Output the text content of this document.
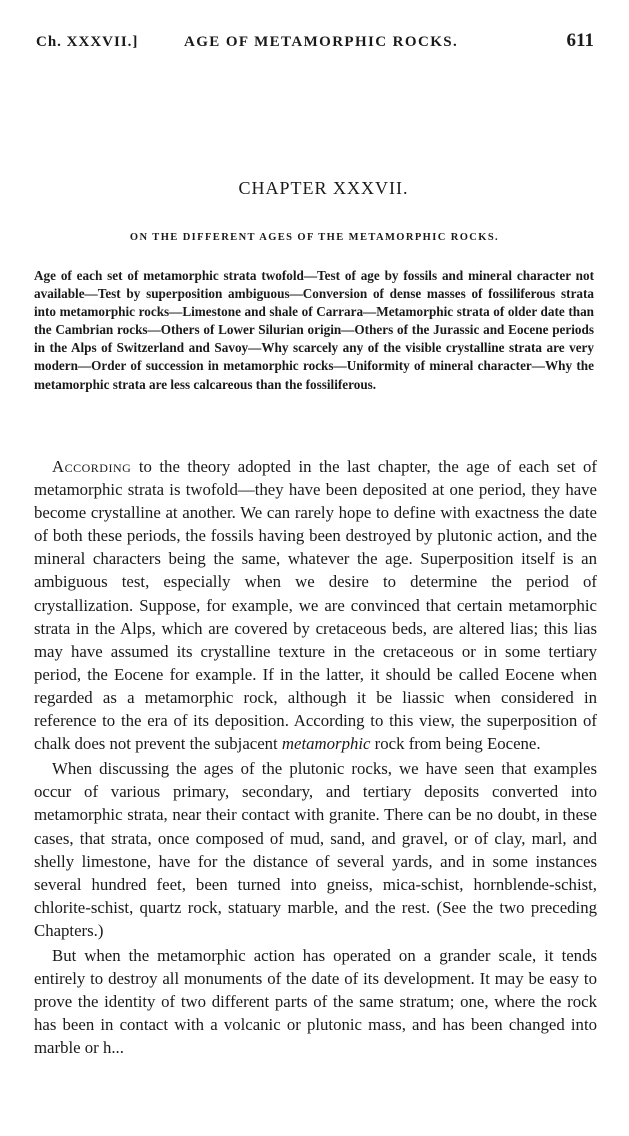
Ch. XXXVII.]	AGE OF METAMORPHIC ROCKS.	611
CHAPTER XXXVII.
ON THE DIFFERENT AGES OF THE METAMORPHIC ROCKS.
Age of each set of metamorphic strata twofold—Test of age by fossils and mineral character not available—Test by superposition ambiguous—Conversion of dense masses of fossiliferous strata into metamorphic rocks—Limestone and shale of Carrara—Metamorphic strata of older date than the Cambrian rocks—Others of Lower Silurian origin—Others of the Jurassic and Eocene periods in the Alps of Switzerland and Savoy—Why scarcely any of the visible crystalline strata are very modern—Order of succession in metamorphic rocks—Uniformity of mineral character—Why the metamorphic strata are less calcareous than the fossiliferous.

According to the theory adopted in the last chapter, the age of each set of metamorphic strata is twofold—they have been deposited at one period, they have become crystalline at another. We can rarely hope to define with exactness the date of both these periods, the fossils having been destroyed by plutonic action, and the mineral characters being the same, whatever the age. Superposition itself is an ambiguous test, especially when we desire to determine the period of crystallization. Suppose, for example, we are convinced that certain metamorphic strata in the Alps, which are covered by cretaceous beds, are altered lias; this lias may have assumed its crystalline texture in the cretaceous or in some tertiary period, the Eocene for example. If in the latter, it should be called Eocene when regarded as a metamorphic rock, although it be liassic when considered in reference to the era of its deposition. According to this view, the superposition of chalk does not prevent the subjacent metamorphic rock from being Eocene.

When discussing the ages of the plutonic rocks, we have seen that examples occur of various primary, secondary, and tertiary deposits converted into metamorphic strata, near their contact with granite. There can be no doubt, in these cases, that strata, once composed of mud, sand, and gravel, or of clay, marl, and shelly limestone, have for the distance of several yards, and in some instances several hundred feet, been turned into gneiss, mica-schist, hornblende-schist, chlorite-schist, quartz rock, statuary marble, and the rest. (See the two preceding Chapters.)

But when the metamorphic action has operated on a grander scale, it tends entirely to destroy all monuments of the date of its development. It may be easy to prove the identity of two different parts of the same stratum; one, where the rock has been in contact with a volcanic or plutonic mass, and has been changed into marble or h...
